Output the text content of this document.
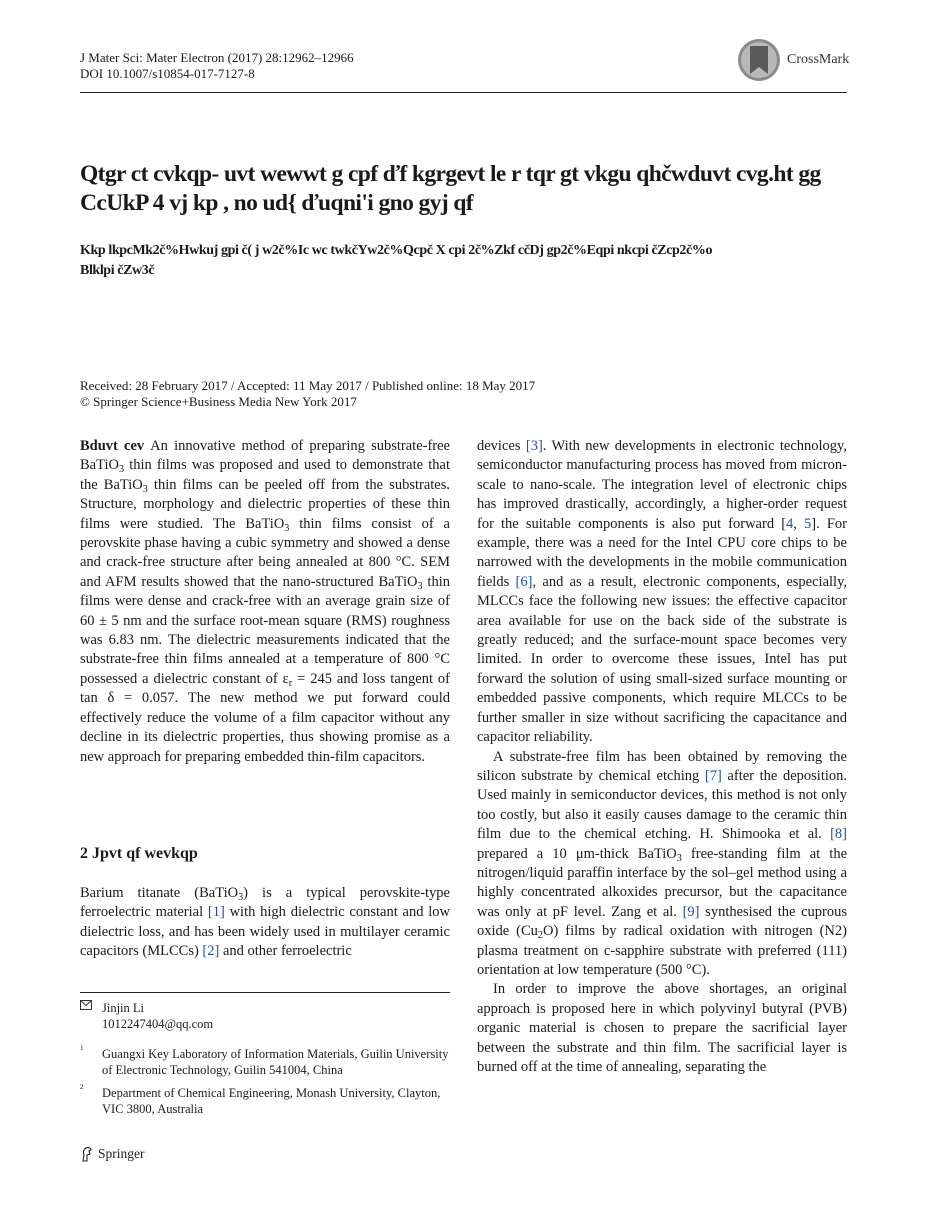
J Mater Sci: Mater Electron (2017) 28:12962–12966
DOI 10.1007/s10854-017-7127-8
CrossMark
Qtgr ct cvkqp- uvt wewwt g cpf ďf kgrgevt le r tqr gt vkgu qhčwduvt cvg.ht gg
CcUkP 4 vj kp , no ud{ ďuqni'i gno gyj qf
Kkp lkpcMk2č%Hwkuj gpi č( j w2č%Ic wc twkčYw2č%Qcpč X cpi 2č%Zkf cčDj gp2č%Eqpi nkcpi čZcp2č%o
Blklpi čZw3č
Received: 28 February 2017 / Accepted: 11 May 2017 / Published online: 18 May 2017
© Springer Science+Business Media New York 2017

Bduvt cev An innovative method of preparing substrate-free BaTiO$_3$ thin films was proposed and used to demonstrate that the BaTiO$_3$ thin films can be peeled off from the substrates. Structure, morphology and dielectric properties of these thin films were studied. The BaTiO$_3$ thin films consist of a perovskite phase having a cubic symmetry and showed a dense and crack-free structure after being annealed at 800 °C. SEM and AFM results showed that the nano-structured BaTiO$_3$ thin films were dense and crack-free with an average grain size of 60 ± 5 nm and the surface root-mean square (RMS) roughness was 6.83 nm. The dielectric measurements indicated that the substrate-free thin films annealed at a temperature of 800 °C possessed a dielectric constant of $\varepsilon_r = 245$ and loss tangent of tan δ = 0.057. The new method we put forward could effectively reduce the volume of a film capacitor without any decline in its dielectric properties, thus showing promise as a new approach for preparing embedded thin-film capacitors.

2 Jpvt qf wevkqp

Barium titanate (BaTiO$_3$) is a typical perovskite-type ferroelectric material [1] with high dielectric constant and low dielectric loss, and has been widely used in multilayer ceramic capacitors (MLCCs) [2] and other ferroelectric

Jinjin Li
1012247404@qq.com
$^1$	Guangxi Key Laboratory of Information Materials, Guilin University of Electronic Technology, Guilin 541004, China
$^2$	Department of Chemical Engineering, Monash University, Clayton, VIC 3800, Australia
Springer

devices [3]. With new developments in electronic technology, semiconductor manufacturing process has moved from micron-scale to nano-scale. The integration level of electronic chips has improved drastically, accordingly, a higher-order request for the suitable components is also put forward [4, 5]. For example, there was a need for the Intel CPU core chips to be narrowed with the developments in the mobile communication fields [6], and as a result, electronic components, especially, MLCCs face the following new issues: the effective capacitor area available for use on the back side of the substrate is greatly reduced; and the surface-mount space becomes very limited. In order to overcome these issues, Intel has put forward the solution of using small-sized surface mounting or embedded passive components, which require MLCCs to be further smaller in size without sacrificing the capacitance and capacitor reliability.

A substrate-free film has been obtained by removing the silicon substrate by chemical etching [7] after the deposition. Used mainly in semiconductor devices, this method is not only too costly, but also it easily causes damage to the ceramic thin film due to the chemical etching. H. Shimooka et al. [8] prepared a 10 μm-thick BaTiO$_3$ free-standing film at the nitrogen/liquid paraffin interface by the sol–gel method using a highly concentrated alkoxides precursor, but the capacitance was only at pF level. Zang et al. [9] synthesised the cuprous oxide $(Cu_2O)$ films by radical oxidation with nitrogen (N2) plasma treatment on c-sapphire substrate with preferred (111) orientation at low temperature (500 °C).

In order to improve the above shortages, an original approach is proposed here in which polyvinyl butyral (PVB) organic material is chosen to prepare the sacrificial layer between the substrate and thin film. The sacrificial layer is burned off at the time of annealing, separating the
